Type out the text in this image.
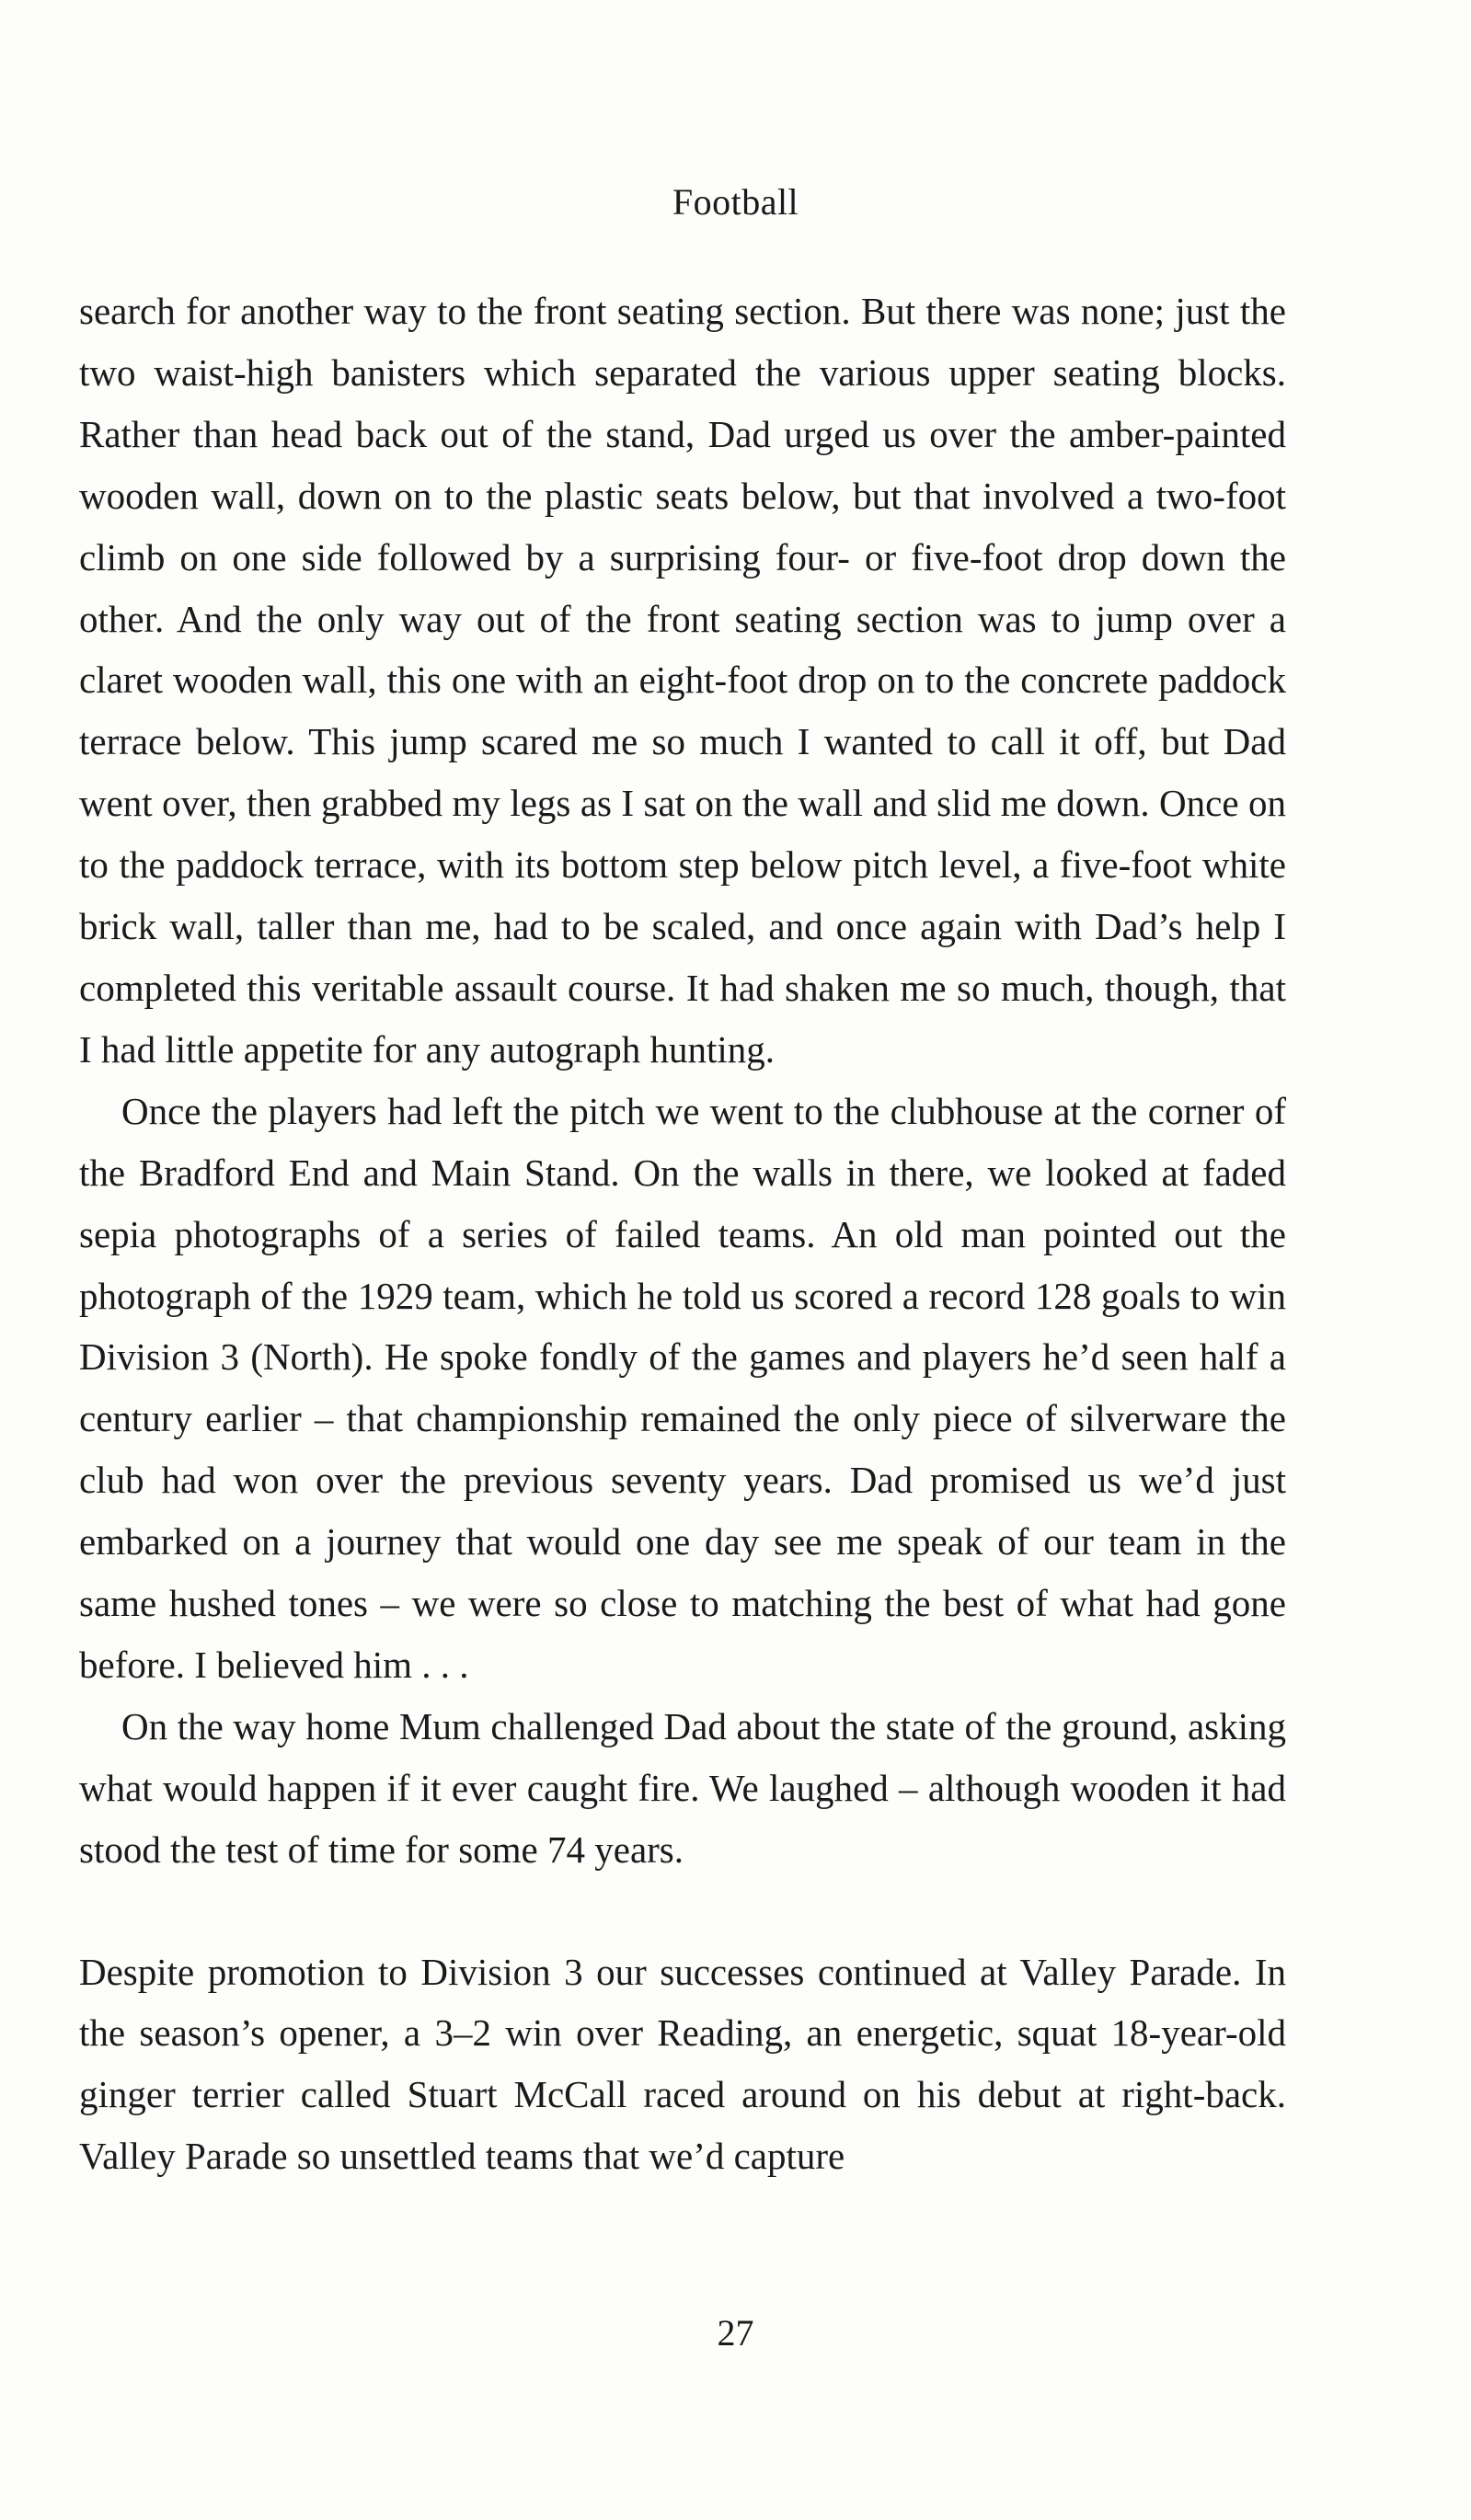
Football

search for another way to the front seating section. But there was none; just the two waist-high banisters which separated the various upper seating blocks. Rather than head back out of the stand, Dad urged us over the amber-painted wooden wall, down on to the plastic seats below, but that involved a two-foot climb on one side followed by a surprising four- or five-foot drop down the other. And the only way out of the front seating section was to jump over a claret wooden wall, this one with an eight-foot drop on to the concrete paddock terrace below. This jump scared me so much I wanted to call it off, but Dad went over, then grabbed my legs as I sat on the wall and slid me down. Once on to the paddock terrace, with its bottom step below pitch level, a five-foot white brick wall, taller than me, had to be scaled, and once again with Dad’s help I completed this veritable assault course. It had shaken me so much, though, that I had little appetite for any autograph hunting.

Once the players had left the pitch we went to the clubhouse at the corner of the Bradford End and Main Stand. On the walls in there, we looked at faded sepia photographs of a series of failed teams. An old man pointed out the photograph of the 1929 team, which he told us scored a record 128 goals to win Division 3 (North). He spoke fondly of the games and players he’d seen half a century earlier – that championship remained the only piece of silverware the club had won over the previous seventy years. Dad promised us we’d just embarked on a journey that would one day see me speak of our team in the same hushed tones – we were so close to matching the best of what had gone before. I believed him . . .

On the way home Mum challenged Dad about the state of the ground, asking what would happen if it ever caught fire. We laughed – although wooden it had stood the test of time for some 74 years.

Despite promotion to Division 3 our successes continued at Valley Parade. In the season’s opener, a 3–2 win over Reading, an energetic, squat 18-year-old ginger terrier called Stuart McCall raced around on his debut at right-back. Valley Parade so unsettled teams that we’d capture

27
